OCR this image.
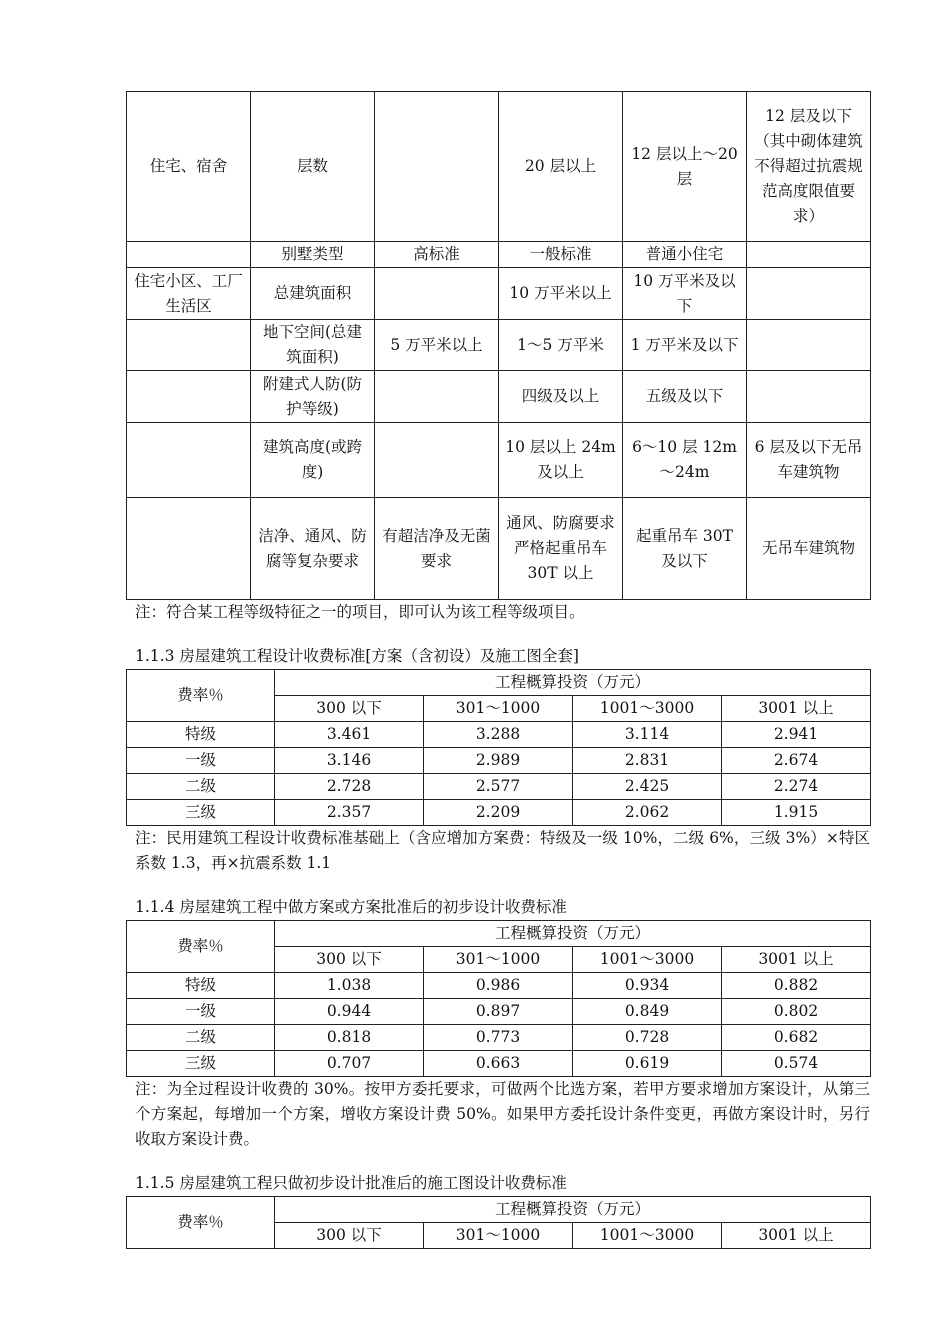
住宅、宿舍	层数		20 层以上	12 层以上～20 层	12 层及以下（其中砌体建筑不得超过抗震规范高度限值要求）
	别墅类型	高标准	一般标准	普通小住宅	
住宅小区、工厂生活区	总建筑面积		10 万平米以上	10 万平米及以下	
	地下空间(总建筑面积)	5 万平米以上	1～5 万平米	1 万平米及以下	
	附建式人防(防护等级)		四级及以上	五级及以下	
	建筑高度(或跨度)		10 层以上 24m 及以上	6～10 层 12m～24m	6 层及以下无吊车建筑物
	洁净、通风、防腐等复杂要求	有超洁净及无菌要求	通风、防腐要求严格起重吊车 30T 以上	起重吊车 30T 及以下	无吊车建筑物

注：符合某工程等级特征之一的项目，即可认为该工程等级项目。

1.1.3 房屋建筑工程设计收费标准[方案（含初设）及施工图全套]

费率％	工程概算投资（万元）			
	300 以下	301～1000	1001～3000	3001 以上
特级	3.461	3.288	3.114	2.941
一级	3.146	2.989	2.831	2.674
二级	2.728	2.577	2.425	2.274
三级	2.357	2.209	2.062	1.915

注：民用建筑工程设计收费标准基础上（含应增加方案费：特级及一级 10%，二级 6%，三级 3%）×特区系数 1.3，再×抗震系数 1.1

1.1.4 房屋建筑工程中做方案或方案批准后的初步设计收费标准

费率％	工程概算投资（万元）			
	300 以下	301～1000	1001～3000	3001 以上
特级	1.038	0.986	0.934	0.882
一级	0.944	0.897	0.849	0.802
二级	0.818	0.773	0.728	0.682
三级	0.707	0.663	0.619	0.574

注：为全过程设计收费的 30%。按甲方委托要求，可做两个比选方案，若甲方要求增加方案设计，从第三个方案起，每增加一个方案，增收方案设计费 50%。如果甲方委托设计条件变更，再做方案设计时，另行收取方案设计费。

1.1.5 房屋建筑工程只做初步设计批准后的施工图设计收费标准

费率％	工程概算投资（万元）			
	300 以下	301～1000	1001～3000	3001 以上
